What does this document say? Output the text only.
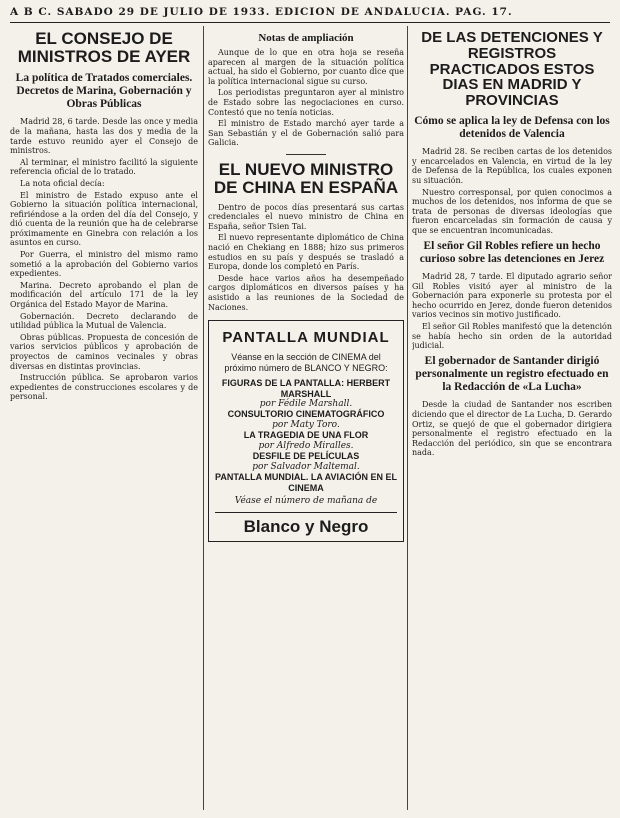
A B C. SABADO 29 DE JULIO DE 1933. EDICION DE ANDALUCIA. PAG. 17.
EL CONSEJO DE MINISTROS DE AYER
La política de Tratados comerciales. Decretos de Marina, Gobernación y Obras Públicas

Madrid 28, 6 tarde. Desde las once y media de la mañana, hasta las dos y media de la tarde estuvo reunido ayer el Consejo de ministros.

Al terminar, el ministro facilitó la siguiente referencia oficial de lo tratado.

La nota oficial decía:

El ministro de Estado expuso ante el Gobierno la situación política internacional, refiriéndose a la orden del día del Consejo, y dió cuenta de la reunión que ha de celebrarse próximamente en Ginebra con relación a los asuntos en curso.

Por Guerra, el ministro del mismo ramo sometió a la aprobación del Gobierno varios expedientes.

Marina. Decreto aprobando el plan de modificación del artículo 171 de la ley Orgánica del Estado Mayor de Marina.

Gobernación. Decreto declarando de utilidad pública la Mutual de Valencia.

Obras públicas. Propuesta de concesión de varios servicios públicos y aprobación de proyectos de caminos vecinales y obras diversas en distintas provincias.

Instrucción pública. Se aprobaron varios expedientes de construcciones escolares y de personal.

Notas de ampliación

Aunque de lo que en otra hoja se reseña aparecen al margen de la situación política actual, ha sido el Gobierno, por cuanto dice que la política internacional sigue su curso.

Los periodistas preguntaron ayer al ministro de Estado sobre las negociaciones en curso. Contestó que no tenía noticias.

El ministro de Estado marchó ayer tarde a San Sebastián y el de Gobernación salió para Galicia.

EL NUEVO MINISTRO DE CHINA EN ESPAÑA

Dentro de pocos días presentará sus cartas credenciales el nuevo ministro de China en España, señor Tsien Tai.

El nuevo representante diplomático de China nació en Chekiang en 1888; hizo sus primeros estudios en su país y después se trasladó a Europa, donde los completó en París.

Desde hace varios años ha desempeñado cargos diplomáticos en diversos países y ha asistido a las reuniones de la Sociedad de Naciones.

PANTALLA MUNDIAL
Véanse en la sección de CINEMA del próximo número de BLANCO Y NEGRO:
FIGURAS DE LA PANTALLA: HERBERT MARSHALL
por Fédile Marshall.
CONSULTORIO CINEMATOGRÁFICO
por Maty Toro.
LA TRAGEDIA DE UNA FLOR
por Alfredo Miralles.
DESFILE DE PELÍCULAS
por Salvador Maltemal.
PANTALLA MUNDIAL. LA AVIACIÓN EN EL CINEMA
Véase el número de mañana de
Blanco y Negro
DE LAS DETENCIONES Y REGISTROS PRACTICADOS ESTOS DIAS EN MADRID Y PROVINCIAS
Cómo se aplica la ley de Defensa con los detenidos de Valencia

Madrid 28. Se reciben cartas de los detenidos y encarcelados en Valencia, en virtud de la ley de Defensa de la República, los cuales exponen su situación.

Nuestro corresponsal, por quien conocimos a muchos de los detenidos, nos informa de que se trata de personas de diversas ideologías que fueron encarceladas sin formación de causa y que se encuentran incomunicadas.

El señor Gil Robles refiere un hecho curioso sobre las detenciones en Jerez

Madrid 28, 7 tarde. El diputado agrario señor Gil Robles visitó ayer al ministro de la Gobernación para exponerle su protesta por el hecho ocurrido en Jerez, donde fueron detenidos varios vecinos sin motivo justificado.

El señor Gil Robles manifestó que la detención se había hecho sin orden de la autoridad judicial.

El gobernador de Santander dirigió personalmente un registro efectuado en la Redacción de «La Lucha»

Desde la ciudad de Santander nos escriben diciendo que el director de La Lucha, D. Gerardo Ortiz, se quejó de que el gobernador dirigiera personalmente el registro efectuado en la Redacción del periódico, sin que se encontrara nada.
